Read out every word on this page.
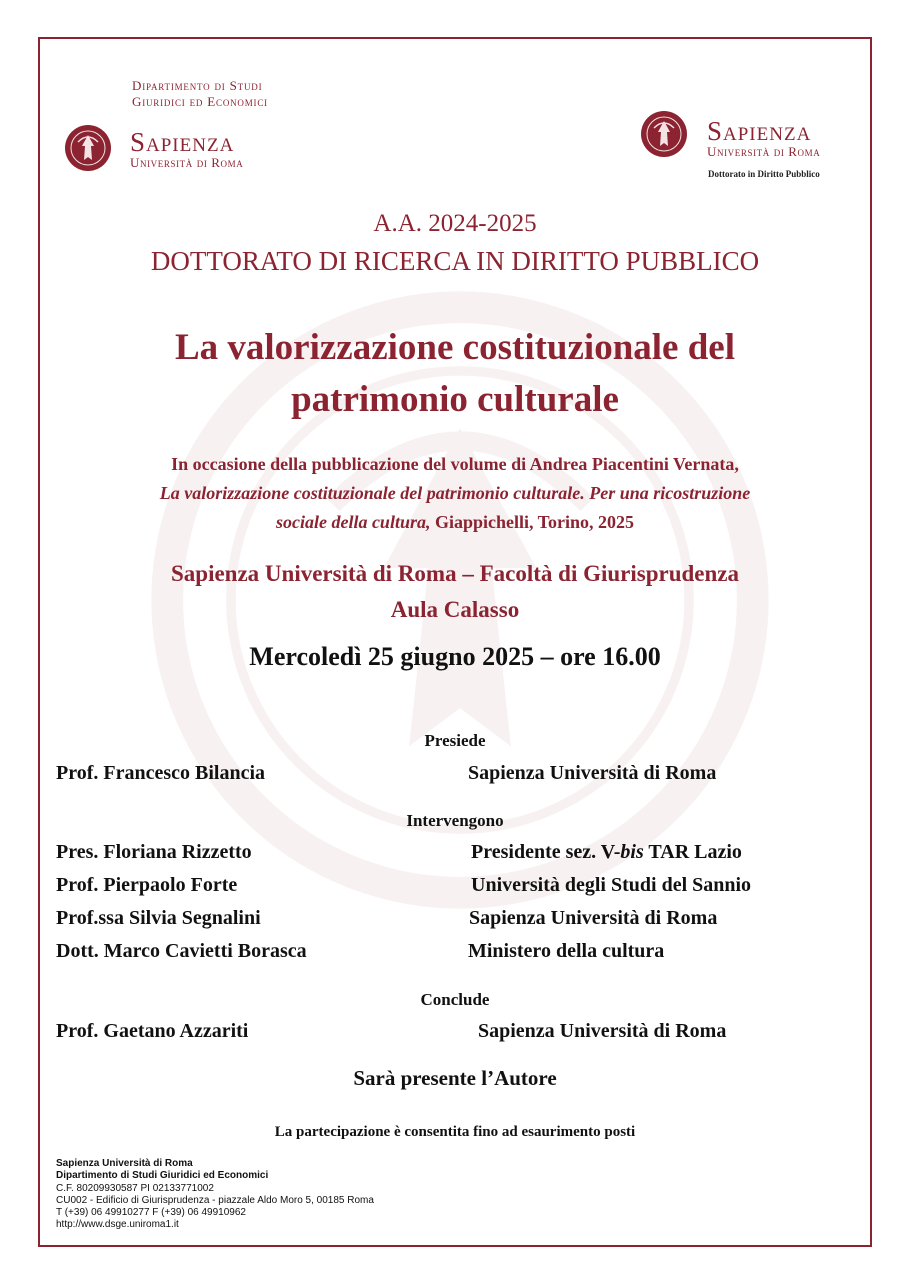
Dipartimento di Studi
Giuridici ed Economici
Sapienza
Università di Roma
Sapienza
Università di Roma
Dottorato in Diritto Pubblico
A.A. 2024-2025
DOTTORATO DI RICERCA IN DIRITTO PUBBLICO
La valorizzazione costituzionale del
patrimonio culturale
In occasione della pubblicazione del volume di Andrea Piacentini Vernata,
La valorizzazione costituzionale del patrimonio culturale. Per una ricostruzione
sociale della cultura, Giappichelli, Torino, 2025
Sapienza Università di Roma – Facoltà di Giurisprudenza
Aula Calasso
Mercoledì 25 giugno 2025 – ore 16.00
Presiede
Prof. Francesco Bilancia	Sapienza Università di Roma
Intervengono
Pres. Floriana Rizzetto	Presidente sez. V-bis TAR Lazio
Prof. Pierpaolo Forte	Università degli Studi del Sannio
Prof.ssa Silvia Segnalini	Sapienza Università di Roma
Dott. Marco Cavietti Borasca	Ministero della cultura
Conclude
Prof. Gaetano Azzariti	Sapienza Università di Roma
Sarà presente l’Autore
La partecipazione è consentita fino ad esaurimento posti
Sapienza Università di Roma
Dipartimento di Studi Giuridici ed Economici
C.F. 80209930587 PI 02133771002
CU002 - Edificio di Giurisprudenza - piazzale Aldo Moro 5, 00185 Roma
T (+39) 06 49910277 F (+39) 06 49910962
http://www.dsge.uniroma1.it
